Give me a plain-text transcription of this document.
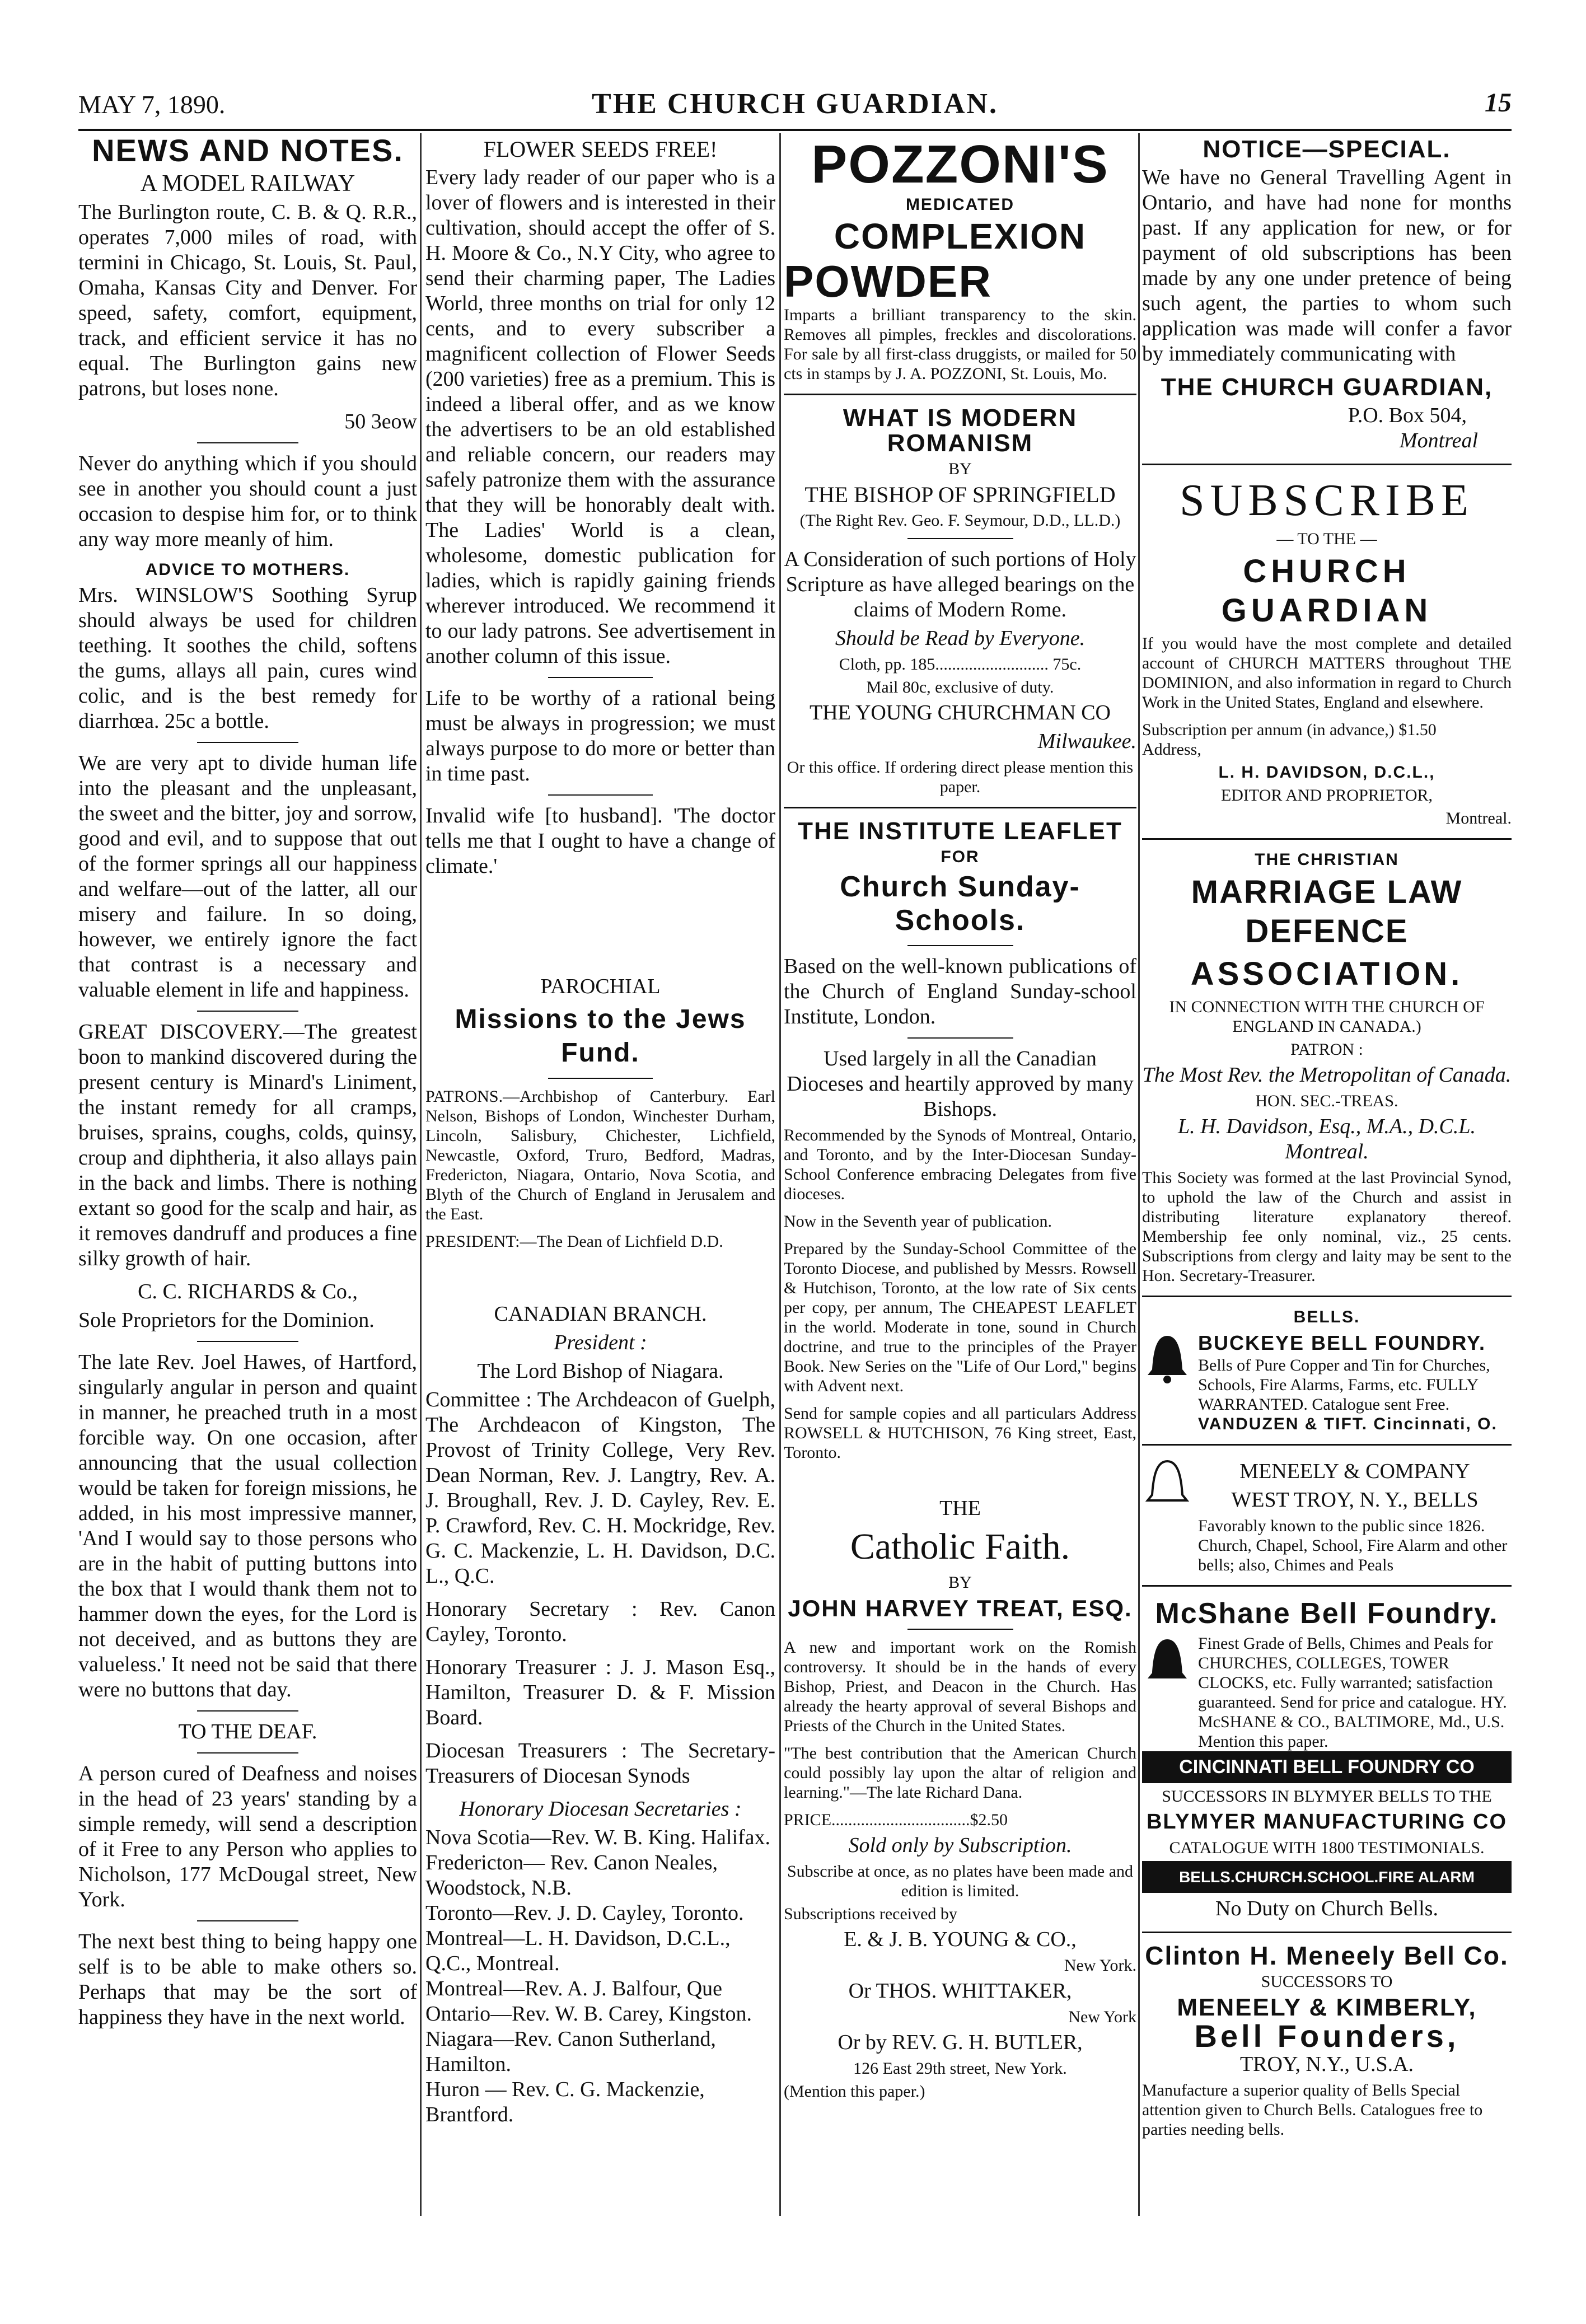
MAY 7, 1890.	THE CHURCH GUARDIAN.	15
NEWS AND NOTES.
A MODEL RAILWAY

The Burlington route, C. B. & Q. R.R., operates 7,000 miles of road, with termini in Chicago, St. Louis, St. Paul, Omaha, Kansas City and Denver. For speed, safety, comfort, equipment, track, and efficient service it has no equal. The Burlington gains new patrons, but loses none.

50 3eow

Never do anything which if you should see in another you should count a just occasion to despise him for, or to think any way more meanly of him.

ADVICE TO MOTHERS.

Mrs. WINSLOW'S Soothing Syrup should always be used for children teething. It soothes the child, softens the gums, allays all pain, cures wind colic, and is the best remedy for diarrhœa. 25c a bottle.

We are very apt to divide human life into the pleasant and the unpleasant, the sweet and the bitter, joy and sorrow, good and evil, and to suppose that out of the former springs all our happiness and welfare—out of the latter, all our misery and failure. In so doing, however, we entirely ignore the fact that contrast is a necessary and valuable element in life and happiness.

GREAT DISCOVERY.—The greatest boon to mankind discovered during the present century is Minard's Liniment, the instant remedy for all cramps, bruises, sprains, coughs, colds, quinsy, croup and diphtheria, it also allays pain in the back and limbs. There is nothing extant so good for the scalp and hair, as it removes dandruff and produces a fine silky growth of hair.

C. C. RICHARDS & Co.,
Sole Proprietors for the Dominion.

The late Rev. Joel Hawes, of Hartford, singularly angular in person and quaint in manner, he preached truth in a most forcible way. On one occasion, after announcing that the usual collection would be taken for foreign missions, he added, in his most impressive manner, 'And I would say to those persons who are in the habit of putting buttons into the box that I would thank them not to hammer down the eyes, for the Lord is not deceived, and as buttons they are valueless.' It need not be said that there were no buttons that day.

TO THE DEAF.

A person cured of Deafness and noises in the head of 23 years' standing by a simple remedy, will send a description of it Free to any Person who applies to Nicholson, 177 McDougal street, New York.

The next best thing to being happy one self is to be able to make others so. Perhaps that may be the sort of happiness they have in the next world.

FLOWER SEEDS FREE!

Every lady reader of our paper who is a lover of flowers and is interested in their cultivation, should accept the offer of S. H. Moore & Co., N.Y City, who agree to send their charming paper, The Ladies World, three months on trial for only 12 cents, and to every subscriber a magnificent collection of Flower Seeds (200 varieties) free as a premium. This is indeed a liberal offer, and as we know the advertisers to be an old established and reliable concern, our readers may safely patronize them with the assurance that they will be honorably dealt with. The Ladies' World is a clean, wholesome, domestic publication for ladies, which is rapidly gaining friends wherever introduced. We recommend it to our lady patrons. See advertisement in another column of this issue.

Life to be worthy of a rational being must be always in progression; we must always purpose to do more or better than in time past.

Invalid wife [to husband]. 'The doctor tells me that I ought to have a change of climate.'

PAROCHIAL
Missions to the Jews Fund.

PATRONS.—Archbishop of Canterbury. Earl Nelson, Bishops of London, Winchester Durham, Lincoln, Salisbury, Chichester, Lichfield, Newcastle, Oxford, Truro, Bedford, Madras, Fredericton, Niagara, Ontario, Nova Scotia, and Blyth of the Church of England in Jerusalem and the East.

PRESIDENT:—The Dean of Lichfield D.D.

CANADIAN BRANCH.
President :
The Lord Bishop of Niagara.

Committee : The Archdeacon of Guelph, The Archdeacon of Kingston, The Provost of Trinity College, Very Rev. Dean Norman, Rev. J. Langtry, Rev. A. J. Broughall, Rev. J. D. Cayley, Rev. E. P. Crawford, Rev. C. H. Mockridge, Rev. G. C. Mackenzie, L. H. Davidson, D.C. L., Q.C.

Honorary Secretary : Rev. Canon Cayley, Toronto.

Honorary Treasurer : J. J. Mason Esq., Hamilton, Treasurer D. & F. Mission Board.

Diocesan Treasurers : The Secretary-Treasurers of Diocesan Synods

Honorary Diocesan Secretaries :
Nova Scotia—Rev. W. B. King. Halifax.
Fredericton— Rev. Canon Neales, Woodstock, N.B.
Toronto—Rev. J. D. Cayley, Toronto.
Montreal—L. H. Davidson, D.C.L., Q.C., Montreal.
Montreal—Rev. A. J. Balfour, Que
Ontario—Rev. W. B. Carey, Kingston.
Niagara—Rev. Canon Sutherland, Hamilton.
Huron — Rev. C. G. Mackenzie, Brantford.
POZZONI'S
MEDICATED
COMPLEXION
POWDER

Imparts a brilliant transparency to the skin. Removes all pimples, freckles and discolorations. For sale by all first-class druggists, or mailed for 50 cts in stamps by J. A. POZZONI, St. Louis, Mo.

WHAT IS MODERN ROMANISM
BY
THE BISHOP OF SPRINGFIELD
(The Right Rev. Geo. F. Seymour, D.D., LL.D.)

A Consideration of such portions of Holy Scripture as have alleged bearings on the claims of Modern Rome.

Should be Read by Everyone.
Cloth, pp. 185........................... 75c.
Mail 80c, exclusive of duty.
THE YOUNG CHURCHMAN CO
Milwaukee.
Or this office. If ordering direct please mention this paper.
THE INSTITUTE LEAFLET
FOR
Church Sunday-Schools.

Based on the well-known publications of the Church of England Sunday-school Institute, London.

Used largely in all the Canadian Dioceses and heartily approved by many Bishops.

Recommended by the Synods of Montreal, Ontario, and Toronto, and by the Inter-Diocesan Sunday-School Conference embracing Delegates from five dioceses.

Now in the Seventh year of publication.

Prepared by the Sunday-School Committee of the Toronto Diocese, and published by Messrs. Rowsell & Hutchison, Toronto, at the low rate of Six cents per copy, per annum, The CHEAPEST LEAFLET in the world. Moderate in tone, sound in Church doctrine, and true to the principles of the Prayer Book. New Series on the "Life of Our Lord," begins with Advent next.

Send for sample copies and all particulars Address ROWSELL & HUTCHISON, 76 King street, East, Toronto.

THE
Catholic Faith.
BY
JOHN HARVEY TREAT, ESQ.

A new and important work on the Romish controversy. It should be in the hands of every Bishop, Priest, and Deacon in the Church. Has already the hearty approval of several Bishops and Priests of the Church in the United States.

"The best contribution that the American Church could possibly lay upon the altar of religion and learning."—The late Richard Dana.

PRICE.................................$2.50
Sold only by Subscription.

Subscribe at once, as no plates have been made and edition is limited.

Subscriptions received by
E. & J. B. YOUNG & CO.,
New York.
Or THOS. WHITTAKER,
New York
Or by REV. G. H. BUTLER,
126 East 29th street, New York.
(Mention this paper.)
NOTICE—SPECIAL.

We have no General Travelling Agent in Ontario, and have had none for months past. If any application for new, or for payment of old subscriptions has been made by any one under pretence of being such agent, the parties to whom such application was made will confer a favor by immediately communicating with

THE CHURCH GUARDIAN,
P.O. Box 504,
Montreal
SUBSCRIBE
— TO THE —
CHURCH GUARDIAN

If you would have the most complete and detailed account of CHURCH MATTERS throughout THE DOMINION, and also information in regard to Church Work in the United States, England and elsewhere.

Subscription per annum (in advance,) $1.50
Address,
L. H. DAVIDSON, D.C.L.,
EDITOR AND PROPRIETOR,
Montreal.
THE CHRISTIAN
MARRIAGE LAW DEFENCE
ASSOCIATION.
IN CONNECTION WITH THE CHURCH OF ENGLAND IN CANADA.)
PATRON :
The Most Rev. the Metropolitan of Canada.
HON. SEC.-TREAS.
L. H. Davidson, Esq., M.A., D.C.L. Montreal.

This Society was formed at the last Provincial Synod, to uphold the law of the Church and assist in distributing literature explanatory thereof. Membership fee only nominal, viz., 25 cents. Subscriptions from clergy and laity may be sent to the Hon. Secretary-Treasurer.

BELLS.
BUCKEYE BELL FOUNDRY.
Bells of Pure Copper and Tin for Churches, Schools, Fire Alarms, Farms, etc. FULLY WARRANTED. Catalogue sent Free.
VANDUZEN & TIFT. Cincinnati, O.
MENEELY & COMPANY
WEST TROY, N. Y., BELLS
Favorably known to the public since 1826. Church, Chapel, School, Fire Alarm and other bells; also, Chimes and Peals
McShane Bell Foundry.
Finest Grade of Bells, Chimes and Peals for CHURCHES, COLLEGES, TOWER CLOCKS, etc. Fully warranted; satisfaction guaranteed. Send for price and catalogue. HY. McSHANE & CO., BALTIMORE, Md., U.S. Mention this paper.
CINCINNATI BELL FOUNDRY CO
SUCCESSORS IN BLYMYER BELLS TO THE
BLYMYER MANUFACTURING CO
CATALOGUE WITH 1800 TESTIMONIALS.
BELLS.CHURCH.SCHOOL.FIRE ALARM
No Duty on Church Bells.
Clinton H. Meneely Bell Co.
SUCCESSORS TO
MENEELY & KIMBERLY,
Bell Founders,
TROY, N.Y., U.S.A.
Manufacture a superior quality of Bells Special attention given to Church Bells. Catalogues free to parties needing bells.
